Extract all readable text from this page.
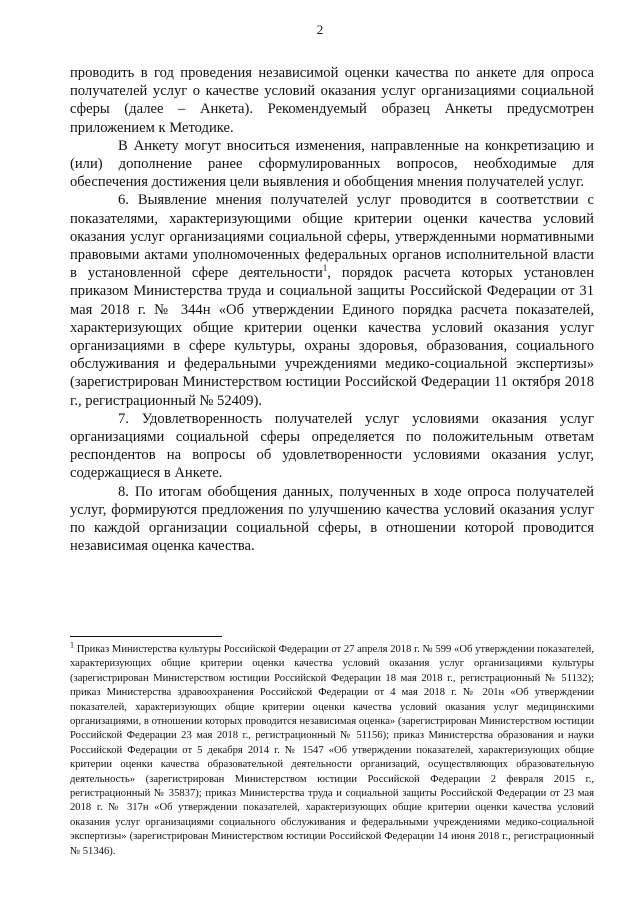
2

проводить в год проведения независимой оценки качества по анкете для опроса получателей услуг о качестве условий оказания услуг организациями социальной сферы (далее – Анкета). Рекомендуемый образец Анкеты предусмотрен приложением к Методике.

В Анкету могут вноситься изменения, направленные на конкретизацию и (или) дополнение ранее сформулированных вопросов, необходимые для обеспечения достижения цели выявления и обобщения мнения получателей услуг.

6. Выявление мнения получателей услуг проводится в соответствии с показателями, характеризующими общие критерии оценки качества условий оказания услуг организациями социальной сферы, утвержденными нормативными правовыми актами уполномоченных федеральных органов исполнительной власти в установленной сфере деятельности$^1$, порядок расчета которых установлен приказом Министерства труда и социальной защиты Российской Федерации от 31 мая 2018 г. № 344н «Об утверждении Единого порядка расчета показателей, характеризующих общие критерии оценки качества условий оказания услуг организациями в сфере культуры, охраны здоровья, образования, социального обслуживания и федеральными учреждениями медико-социальной экспертизы» (зарегистрирован Министерством юстиции Российской Федерации 11 октября 2018 г., регистрационный № 52409).

7. Удовлетворенность получателей услуг условиями оказания услуг организациями социальной сферы определяется по положительным ответам респондентов на вопросы об удовлетворенности условиями оказания услуг, содержащиеся в Анкете.

8. По итогам обобщения данных, полученных в ходе опроса получателей услуг, формируются предложения по улучшению качества условий оказания услуг по каждой организации социальной сферы, в отношении которой проводится независимая оценка качества.

$^1$ Приказ Министерства культуры Российской Федерации от 27 апреля 2018 г. № 599 «Об утверждении показателей, характеризующих общие критерии оценки качества условий оказания услуг организациями культуры (зарегистрирован Министерством юстиции Российской Федерации 18 мая 2018 г., регистрационный № 51132); приказ Министерства здравоохранения Российской Федерации от 4 мая 2018 г. № 201н «Об утверждении показателей, характеризующих общие критерии оценки качества условий оказания услуг медицинскими организациями, в отношении которых проводится независимая оценка» (зарегистрирован Министерством юстиции Российской Федерации 23 мая 2018 г., регистрационный № 51156); приказ Министерства образования и науки Российской Федерации от 5 декабря 2014 г. № 1547 «Об утверждении показателей, характеризующих общие критерии оценки качества образовательной деятельности организаций, осуществляющих образовательную деятельность» (зарегистрирован Министерством юстиции Российской Федерации 2 февраля 2015 г., регистрационный № 35837); приказ Министерства труда и социальной защиты Российской Федерации от 23 мая 2018 г. № 317н «Об утверждении показателей, характеризующих общие критерии оценки качества условий оказания услуг организациями социального обслуживания и федеральными учреждениями медико-социальной экспертизы» (зарегистрирован Министерством юстиции Российской Федерации 14 июня 2018 г., регистрационный № 51346).
